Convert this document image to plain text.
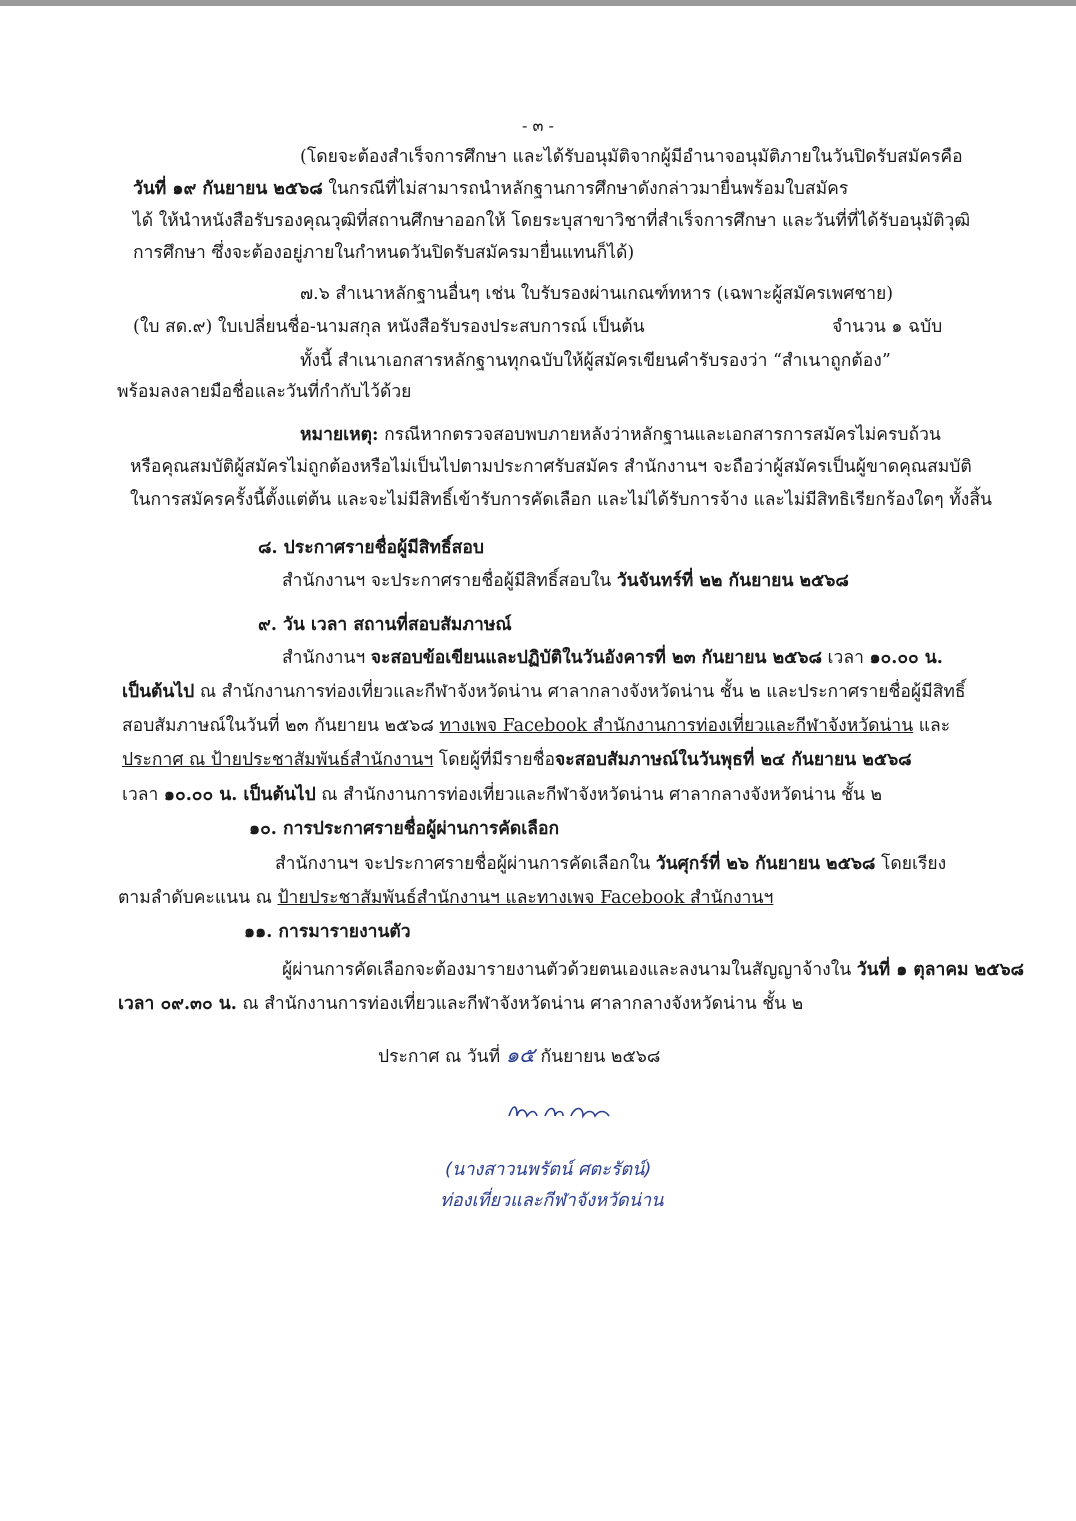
- ๓ -
(โดยจะต้องสำเร็จการศึกษา และได้รับอนุมัติจากผู้มีอำนาจอนุมัติภายในวันปิดรับสมัครคือ
วันที่ ๑๙ กันยายน ๒๕๖๘ ในกรณีที่ไม่สามารถนำหลักฐานการศึกษาดังกล่าวมายื่นพร้อมใบสมัคร
ได้ ให้นำหนังสือรับรองคุณวุฒิที่สถานศึกษาออกให้ โดยระบุสาขาวิชาที่สำเร็จการศึกษา และวันที่ที่ได้รับอนุมัติวุฒิ
การศึกษา ซึ่งจะต้องอยู่ภายในกำหนดวันปิดรับสมัครมายื่นแทนก็ได้)
๗.๖ สำเนาหลักฐานอื่นๆ เช่น ใบรับรองผ่านเกณฑ์ทหาร (เฉพาะผู้สมัครเพศชาย)
(ใบ สด.๙) ใบเปลี่ยนชื่อ-นามสกุล หนังสือรับรองประสบการณ์ เป็นต้น	จำนวน ๑ ฉบับ
ทั้งนี้ สำเนาเอกสารหลักฐานทุกฉบับให้ผู้สมัครเขียนคำรับรองว่า “สำเนาถูกต้อง”
พร้อมลงลายมือชื่อและวันที่กำกับไว้ด้วย
หมายเหตุ: กรณีหากตรวจสอบพบภายหลังว่าหลักฐานและเอกสารการสมัครไม่ครบถ้วน
หรือคุณสมบัติผู้สมัครไม่ถูกต้องหรือไม่เป็นไปตามประกาศรับสมัคร สำนักงานฯ จะถือว่าผู้สมัครเป็นผู้ขาดคุณสมบัติ
ในการสมัครครั้งนี้ตั้งแต่ต้น และจะไม่มีสิทธิ์เข้ารับการคัดเลือก และไม่ได้รับการจ้าง และไม่มีสิทธิเรียกร้องใดๆ ทั้งสิ้น
๘. ประกาศรายชื่อผู้มีสิทธิ์สอบ
สำนักงานฯ จะประกาศรายชื่อผู้มีสิทธิ์สอบใน วันจันทร์ที่ ๒๒ กันยายน ๒๕๖๘
๙. วัน เวลา สถานที่สอบสัมภาษณ์
สำนักงานฯ จะสอบข้อเขียนและปฏิบัติในวันอังคารที่ ๒๓ กันยายน ๒๕๖๘ เวลา ๑๐.๐๐ น.
เป็นต้นไป ณ สำนักงานการท่องเที่ยวและกีฬาจังหวัดน่าน ศาลากลางจังหวัดน่าน ชั้น ๒ และประกาศรายชื่อผู้มีสิทธิ์
สอบสัมภาษณ์ในวันที่ ๒๓ กันยายน ๒๕๖๘ ทางเพจ Facebook สำนักงานการท่องเที่ยวและกีฬาจังหวัดน่าน และ
ประกาศ ณ ป้ายประชาสัมพันธ์สำนักงานฯ โดยผู้ที่มีรายชื่อจะสอบสัมภาษณ์ในวันพุธที่ ๒๔ กันยายน ๒๕๖๘
เวลา ๑๐.๐๐ น. เป็นต้นไป ณ สำนักงานการท่องเที่ยวและกีฬาจังหวัดน่าน ศาลากลางจังหวัดน่าน ชั้น ๒
๑๐. การประกาศรายชื่อผู้ผ่านการคัดเลือก
สำนักงานฯ จะประกาศรายชื่อผู้ผ่านการคัดเลือกใน วันศุกร์ที่ ๒๖ กันยายน ๒๕๖๘ โดยเรียง
ตามลำดับคะแนน ณ ป้ายประชาสัมพันธ์สำนักงานฯ และทางเพจ Facebook สำนักงานฯ
๑๑. การมารายงานตัว
ผู้ผ่านการคัดเลือกจะต้องมารายงานตัวด้วยตนเองและลงนามในสัญญาจ้างใน วันที่ ๑ ตุลาคม ๒๕๖๘
เวลา ๐๙.๓๐ น. ณ สำนักงานการท่องเที่ยวและกีฬาจังหวัดน่าน ศาลากลางจังหวัดน่าน ชั้น ๒
ประกาศ ณ วันที่ ๑๕ กันยายน ๒๕๖๘
(นางสาวนพรัตน์ ศตะรัตน์)
ท่องเที่ยวและกีฬาจังหวัดน่าน
